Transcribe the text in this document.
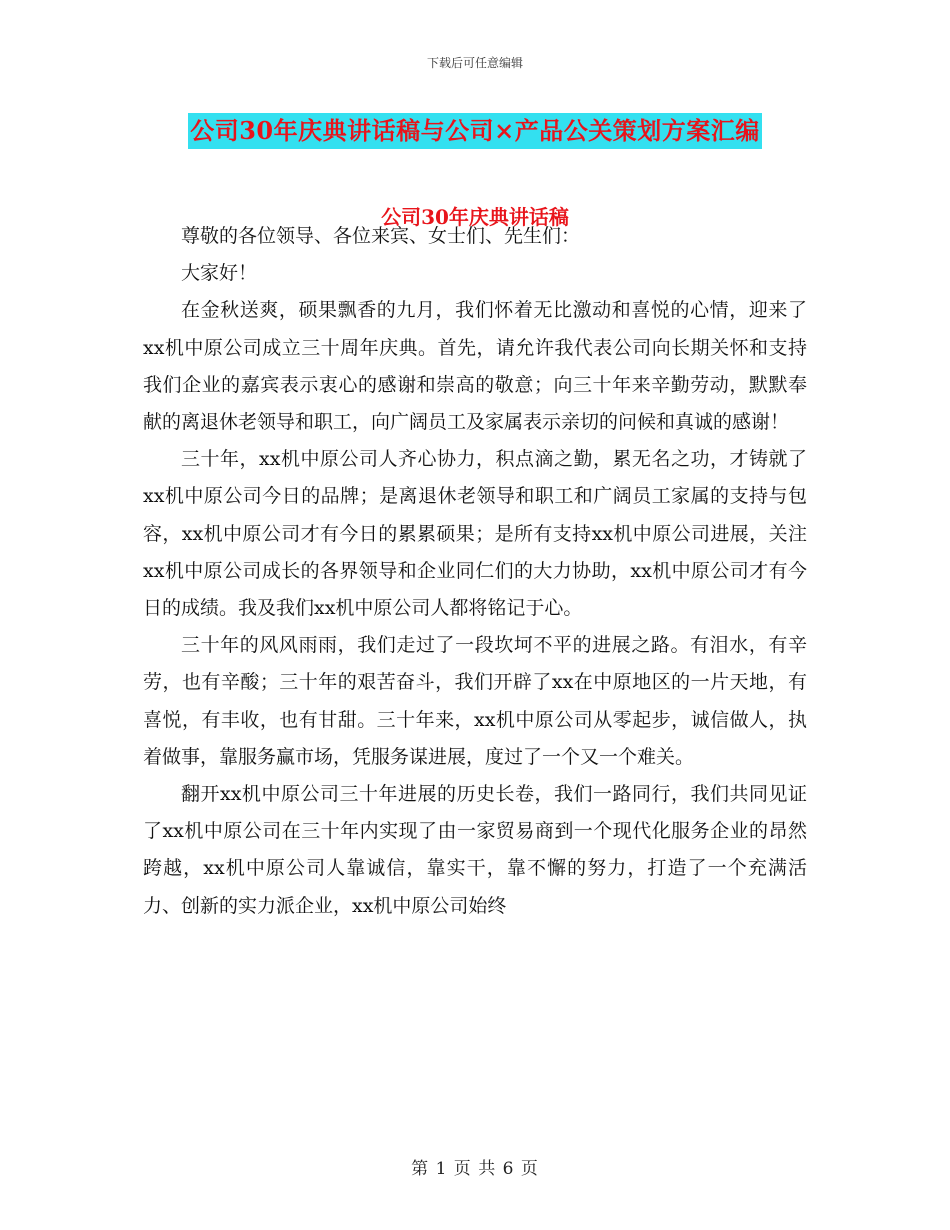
下载后可任意编辑
公司30年庆典讲话稿与公司×产品公关策划方案汇编
公司30年庆典讲话稿

尊敬的各位领导、各位来宾、女士们、先生们：

大家好！

在金秋送爽，硕果飘香的九月，我们怀着无比激动和喜悦的心情，迎来了xx机中原公司成立三十周年庆典。首先，请允许我代表公司向长期关怀和支持我们企业的嘉宾表示衷心的感谢和崇高的敬意；向三十年来辛勤劳动，默默奉献的离退休老领导和职工，向广阔员工及家属表示亲切的问候和真诚的感谢！

三十年，xx机中原公司人齐心协力，积点滴之勤，累无名之功，才铸就了xx机中原公司今日的品牌；是离退休老领导和职工和广阔员工家属的支持与包容，xx机中原公司才有今日的累累硕果；是所有支持xx机中原公司进展，关注xx机中原公司成长的各界领导和企业同仁们的大力协助，xx机中原公司才有今日的成绩。我及我们xx机中原公司人都将铭记于心。

三十年的风风雨雨，我们走过了一段坎坷不平的进展之路。有泪水，有辛劳，也有辛酸；三十年的艰苦奋斗，我们开辟了xx在中原地区的一片天地，有喜悦，有丰收，也有甘甜。三十年来，xx机中原公司从零起步，诚信做人，执着做事，靠服务赢市场，凭服务谋进展，度过了一个又一个难关。

翻开xx机中原公司三十年进展的历史长卷，我们一路同行，我们共同见证了xx机中原公司在三十年内实现了由一家贸易商到一个现代化服务企业的昂然跨越，xx机中原公司人靠诚信，靠实干，靠不懈的努力，打造了一个充满活力、创新的实力派企业，xx机中原公司始终

第 1 页 共 6 页
